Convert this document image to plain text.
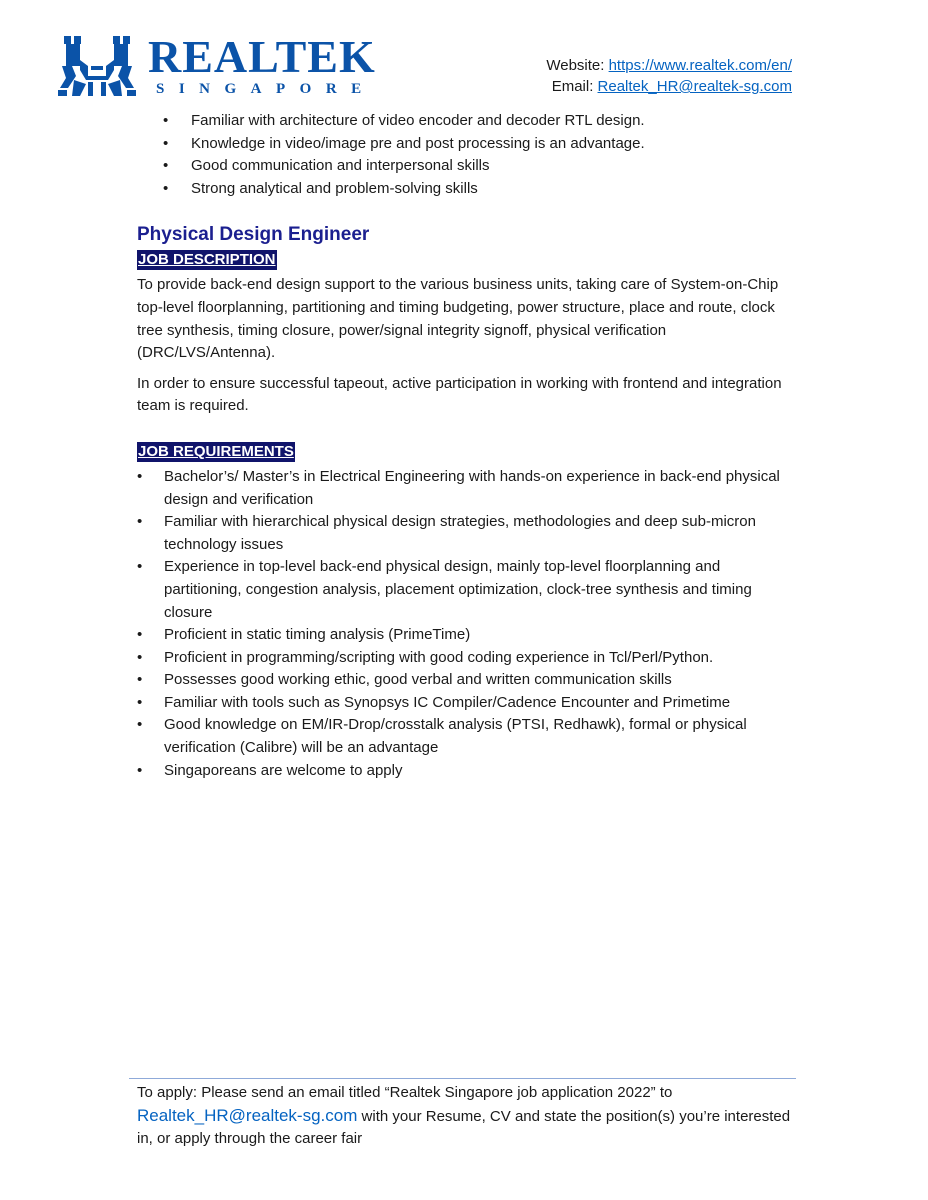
REALTEK
SINGAPORE
Website: https://www.realtek.com/en/
Email: Realtek_HR@realtek-sg.com
• Familiar with architecture of video encoder and decoder RTL design.
• Knowledge in video/image pre and post processing is an advantage.
• Good communication and interpersonal skills
• Strong analytical and problem-solving skills
Physical Design Engineer
JOB DESCRIPTION

To provide back-end design support to the various business units, taking care of System-on-Chip top-level floorplanning, partitioning and timing budgeting, power structure, place and route, clock tree synthesis, timing closure, power/signal integrity signoff, physical verification (DRC/LVS/Antenna).

In order to ensure successful tapeout, active participation in working with frontend and integration team is required.

JOB REQUIREMENTS
• Bachelor’s/ Master’s in Electrical Engineering with hands-on experience in back-end physical design and verification
• Familiar with hierarchical physical design strategies, methodologies and deep sub-micron technology issues
• Experience in top-level back-end physical design, mainly top-level floorplanning and partitioning, congestion analysis, placement optimization, clock-tree synthesis and timing closure
• Proficient in static timing analysis (PrimeTime)
• Proficient in programming/scripting with good coding experience in Tcl/Perl/Python.
• Possesses good working ethic, good verbal and written communication skills
• Familiar with tools such as Synopsys IC Compiler/Cadence Encounter and Primetime
• Good knowledge on EM/IR-Drop/crosstalk analysis (PTSI, Redhawk), formal or physical verification (Calibre) will be an advantage
• Singaporeans are welcome to apply
To apply: Please send an email titled “Realtek Singapore job application 2022” to
Realtek_HR@realtek-sg.com with your Resume, CV and state the position(s) you’re interested in, or apply through the career fair
